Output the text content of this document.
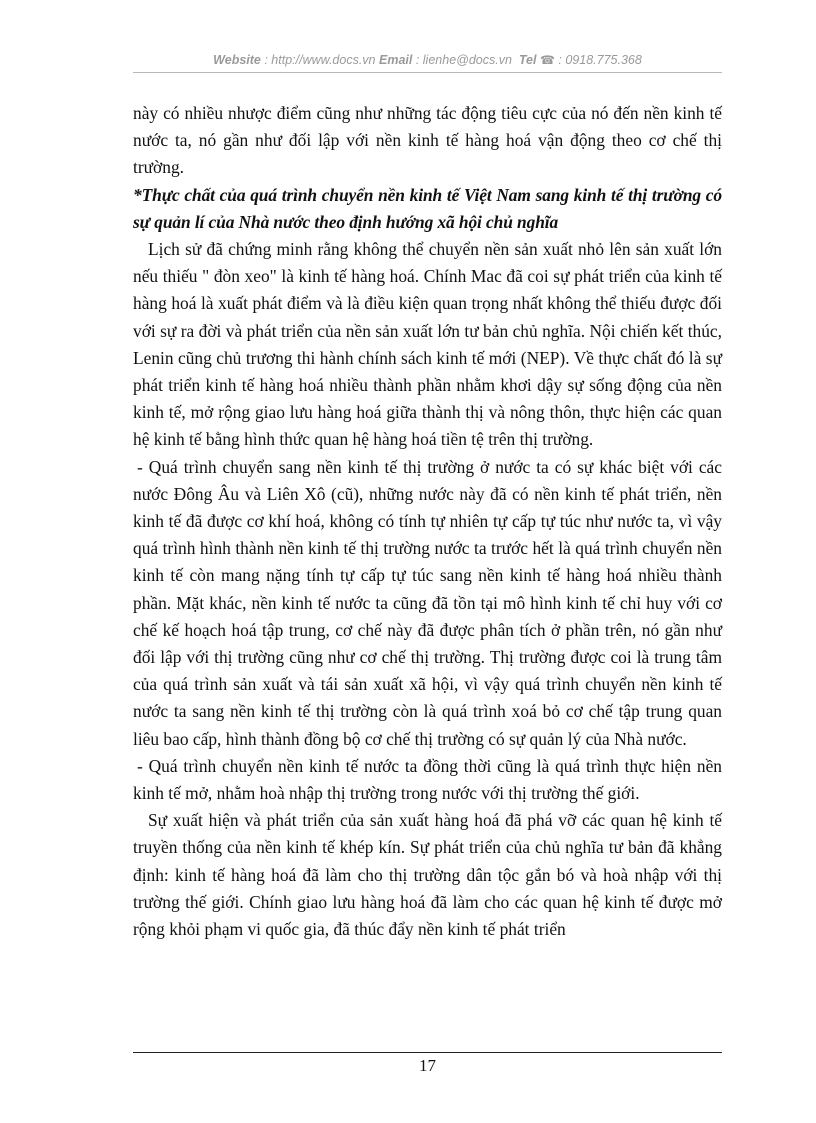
Website : http://www.docs.vn Email : lienhe@docs.vn Tel ☎ : 0918.775.368

này có nhiều nhược điểm cũng như những tác động tiêu cực của nó đến nền kinh tế nước ta, nó gần như đối lập với nền kinh tế hàng hoá vận động theo cơ chế thị trường.

*Thực chất của quá trình chuyển nền kinh tế Việt Nam sang kinh tế thị trường có sự quản lí của Nhà nước theo định hướng xã hội chủ nghĩa

Lịch sử đã chứng minh rằng không thể chuyển nền sản xuất nhỏ lên sản xuất lớn nếu thiếu " đòn xeo" là kinh tế hàng hoá. Chính Mac đã coi sự phát triển của kinh tế hàng hoá là xuất phát điểm và là điều kiện quan trọng nhất không thể thiếu được đối với sự ra đời và phát triển của nền sản xuất lớn tư bản chủ nghĩa. Nội chiến kết thúc, Lenin cũng chủ trương thi hành chính sách kinh tế mới (NEP). Về thực chất đó là sự phát triển kinh tế hàng hoá nhiều thành phần nhằm khơi dậy sự sống động của nền kinh tế, mở rộng giao lưu hàng hoá giữa thành thị và nông thôn, thực hiện các quan hệ kinh tế bằng hình thức quan hệ hàng hoá tiền tệ trên thị trường.

- Quá trình chuyển sang nền kinh tế thị trường ở nước ta có sự khác biệt với các nước Đông Âu và Liên Xô (cũ), những nước này đã có nền kinh tế phát triển, nền kinh tế đã được cơ khí hoá, không có tính tự nhiên tự cấp tự túc như nước ta, vì vậy quá trình hình thành nền kinh tế thị trường nước ta trước hết là quá trình chuyển nền kinh tế còn mang nặng tính tự cấp tự túc sang nền kinh tế hàng hoá nhiều thành phần. Mặt khác, nền kinh tế nước ta cũng đã tồn tại mô hình kinh tế chỉ huy với cơ chế kế hoạch hoá tập trung, cơ chế này đã được phân tích ở phần trên, nó gần như đối lập với thị trường cũng như cơ chế thị trường. Thị trường được coi là trung tâm của quá trình sản xuất và tái sản xuất xã hội, vì vậy quá trình chuyển nền kinh tế nước ta sang nền kinh tế thị trường còn là quá trình xoá bỏ cơ chế tập trung quan liêu bao cấp, hình thành đồng bộ cơ chế thị trường có sự quản lý của Nhà nước.

- Quá trình chuyển nền kinh tế nước ta đồng thời cũng là quá trình thực hiện nền kinh tế mở, nhằm hoà nhập thị trường trong nước với thị trường thế giới.

Sự xuất hiện và phát triển của sản xuất hàng hoá đã phá vỡ các quan hệ kinh tế truyền thống của nền kinh tế khép kín. Sự phát triển của chủ nghĩa tư bản đã khẳng định: kinh tế hàng hoá đã làm cho thị trường dân tộc gắn bó và hoà nhập với thị trường thế giới. Chính giao lưu hàng hoá đã làm cho các quan hệ kinh tế được mở rộng khỏi phạm vi quốc gia, đã thúc đẩy nền kinh tế phát triển

17
